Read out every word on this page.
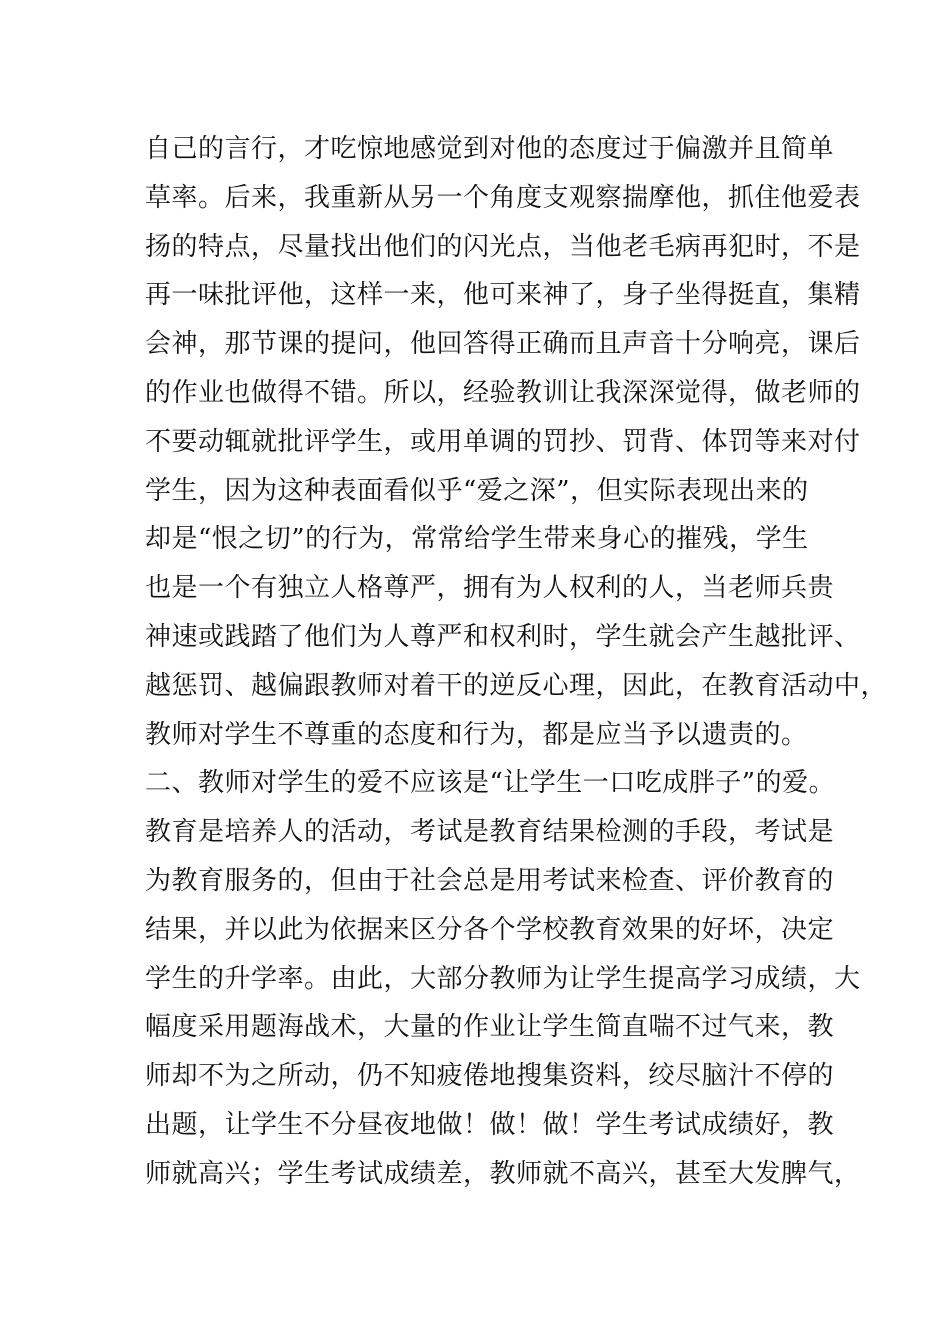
自己的言行，才吃惊地感觉到对他的态度过于偏激并且简单
草率。后来，我重新从另一个角度支观察揣摩他，抓住他爱表
扬的特点，尽量找出他们的闪光点，当他老毛病再犯时，不是
再一味批评他，这样一来，他可来神了，身子坐得挺直，集精
会神，那节课的提问，他回答得正确而且声音十分响亮，课后
的作业也做得不错。所以，经验教训让我深深觉得，做老师的
不要动辄就批评学生，或用单调的罚抄、罚背、体罚等来对付
学生，因为这种表面看似乎“爱之深”，但实际表现出来的
却是“恨之切”的行为，常常给学生带来身心的摧残，学生
也是一个有独立人格尊严，拥有为人权利的人，当老师兵贵
神速或践踏了他们为人尊严和权利时，学生就会产生越批评、
越惩罚、越偏跟教师对着干的逆反心理，因此，在教育活动中，
教师对学生不尊重的态度和行为，都是应当予以遗责的。
二、教师对学生的爱不应该是“让学生一口吃成胖子”的爱。
教育是培养人的活动，考试是教育结果检测的手段，考试是
为教育服务的，但由于社会总是用考试来检查、评价教育的
结果，并以此为依据来区分各个学校教育效果的好坏，决定
学生的升学率。由此，大部分教师为让学生提高学习成绩，大
幅度采用题海战术，大量的作业让学生简直喘不过气来，教
师却不为之所动，仍不知疲倦地搜集资料，绞尽脑汁不停的
出题，让学生不分昼夜地做！做！做！学生考试成绩好，教
师就高兴；学生考试成绩差，教师就不高兴，甚至大发脾气，
